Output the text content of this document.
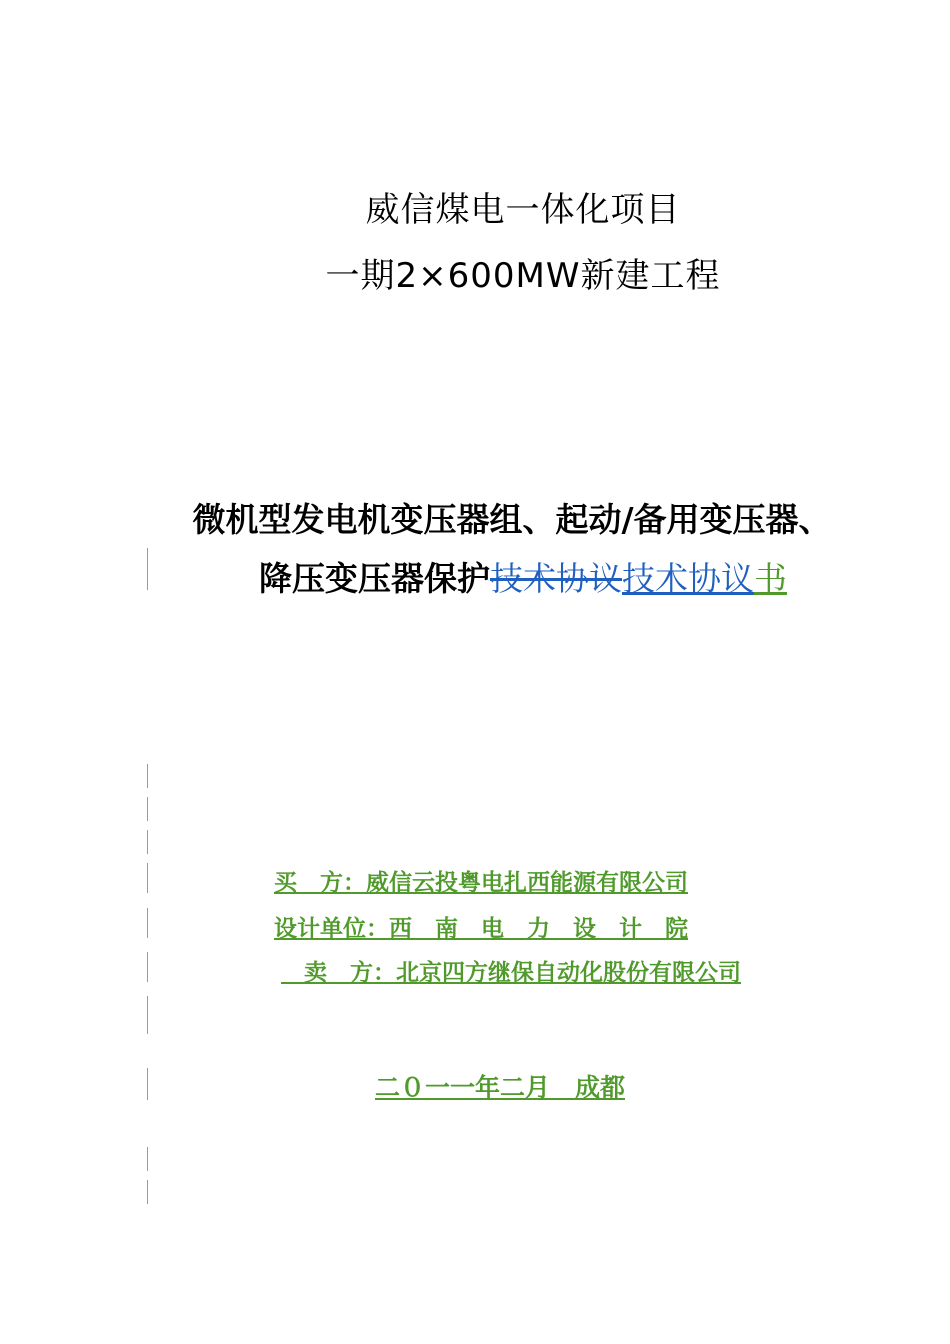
威信煤电一体化项目
一期2×600MW新建工程
微机型发电机变压器组、起动/备用变压器、
降压变压器保护技术协议技术协议书
买　方：威信云投粤电扎西能源有限公司
设计单位：西　南　电　力　设　计　院
　卖　方：北京四方继保自动化股份有限公司
二０一一年二月　成都
